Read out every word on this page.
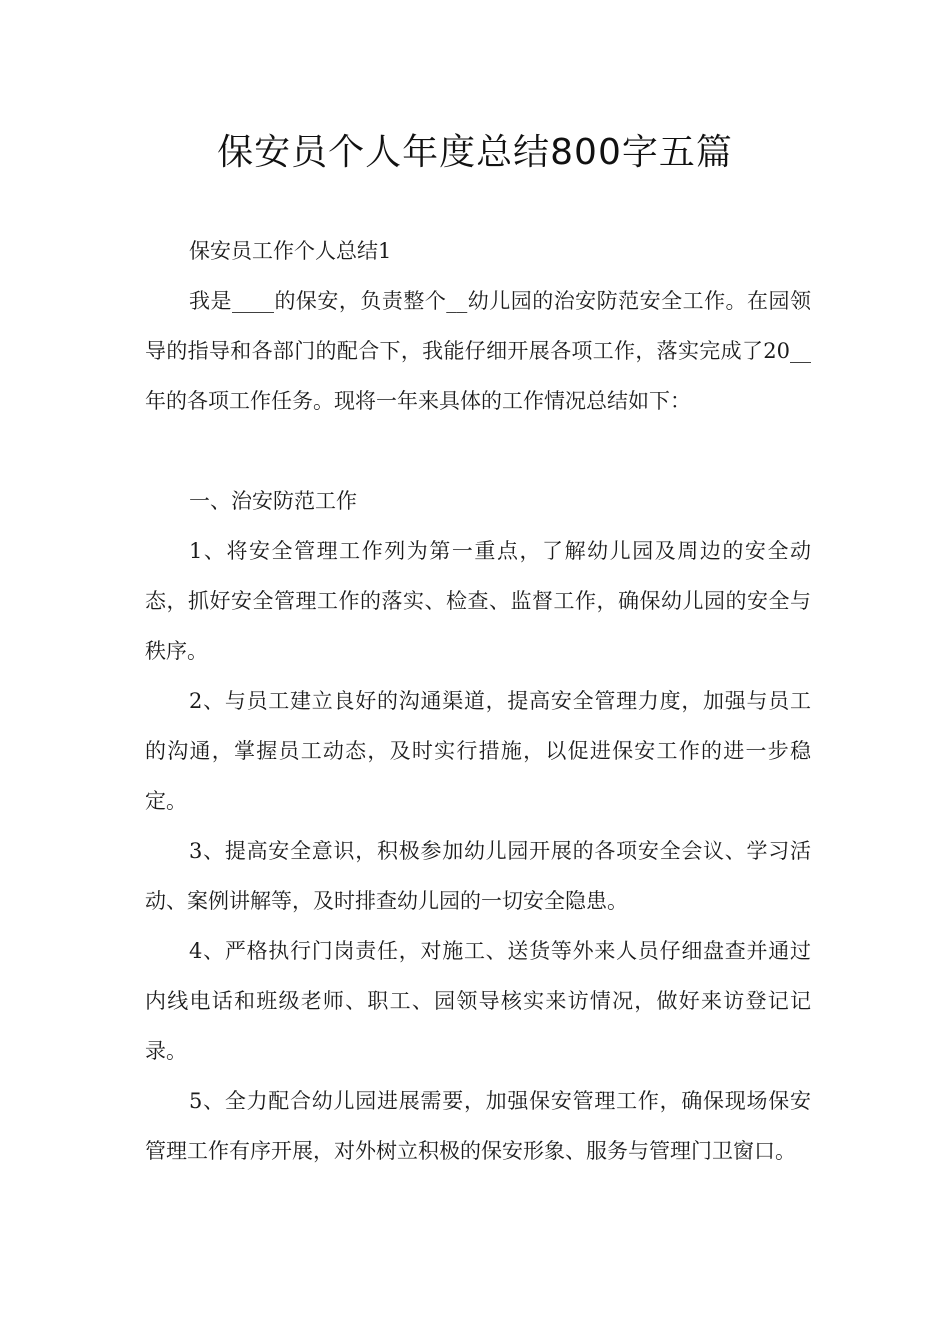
保安员个人年度总结800字五篇

保安员工作个人总结1

我是____的保安，负责整个__幼儿园的治安防范安全工作。在园领导的指导和各部门的配合下，我能仔细开展各项工作，落实完成了20__年的各项工作任务。现将一年来具体的工作情况总结如下：

一、治安防范工作

1、将安全管理工作列为第一重点，了解幼儿园及周边的安全动态，抓好安全管理工作的落实、检查、监督工作，确保幼儿园的安全与秩序。

2、与员工建立良好的沟通渠道，提高安全管理力度，加强与员工的沟通，掌握员工动态，及时实行措施，以促进保安工作的进一步稳定。

3、提高安全意识，积极参加幼儿园开展的各项安全会议、学习活动、案例讲解等，及时排查幼儿园的一切安全隐患。

4、严格执行门岗责任，对施工、送货等外来人员仔细盘查并通过内线电话和班级老师、职工、园领导核实来访情况，做好来访登记记录。

5、全力配合幼儿园进展需要，加强保安管理工作，确保现场保安管理工作有序开展，对外树立积极的保安形象、服务与管理门卫窗口。
